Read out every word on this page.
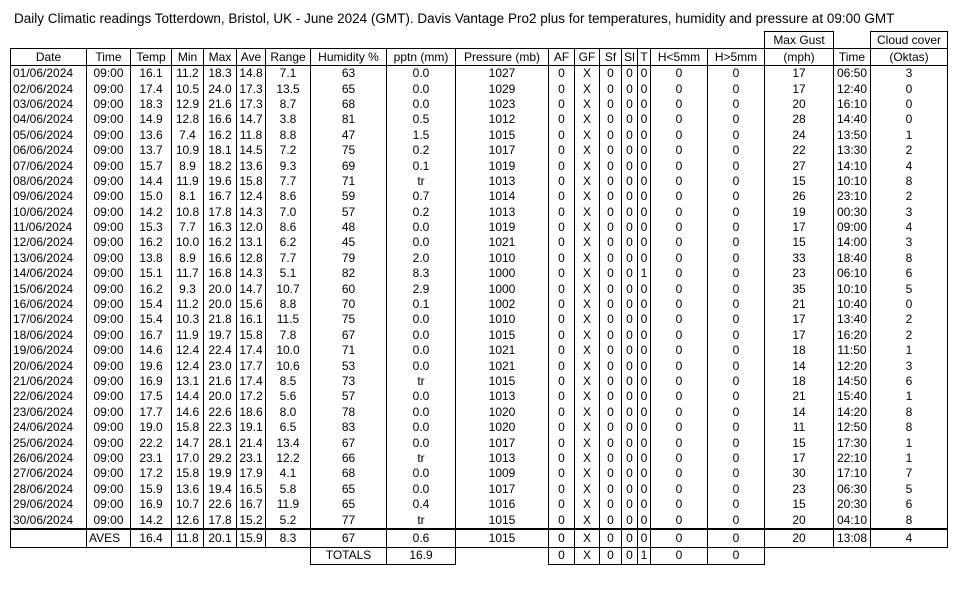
Daily Climatic readings Totterdown, Bristol, UK - June 2024 (GMT). Davis Vantage Pro2 plus for temperatures, humidity and pressure at 09:00 GMT
																	Max Gust		Cloud cover
Date	Time	Temp	Min	Max	Ave	Range	Humidity %	pptn (mm)	Pressure (mb)	AF	GF	Sf	Sl	T	H<5mm	H>5mm	(mph)	Time	(Oktas)
01/06/2024	09:00	16.1	11.2	18.3	14.8	7.1	63	0.0	1027	0	X	0	0	0	0	0	17	06:50	3
02/06/2024	09:00	17.4	10.5	24.0	17.3	13.5	65	0.0	1029	0	X	0	0	0	0	0	17	12:40	0
03/06/2024	09:00	18.3	12.9	21.6	17.3	8.7	68	0.0	1023	0	X	0	0	0	0	0	20	16:10	0
04/06/2024	09:00	14.9	12.8	16.6	14.7	3.8	81	0.5	1012	0	X	0	0	0	0	0	28	14:40	0
05/06/2024	09:00	13.6	7.4	16.2	11.8	8.8	47	1.5	1015	0	X	0	0	0	0	0	24	13:50	1
06/06/2024	09:00	13.7	10.9	18.1	14.5	7.2	75	0.2	1017	0	X	0	0	0	0	0	22	13:30	2
07/06/2024	09:00	15.7	8.9	18.2	13.6	9.3	69	0.1	1019	0	X	0	0	0	0	0	27	14:10	4
08/06/2024	09:00	14.4	11.9	19.6	15.8	7.7	71	tr	1013	0	X	0	0	0	0	0	15	10:10	8
09/06/2024	09:00	15.0	8.1	16.7	12.4	8.6	59	0.7	1014	0	X	0	0	0	0	0	26	23:10	2
10/06/2024	09:00	14.2	10.8	17.8	14.3	7.0	57	0.2	1013	0	X	0	0	0	0	0	19	00:30	3
11/06/2024	09:00	15.3	7.7	16.3	12.0	8.6	48	0.0	1019	0	X	0	0	0	0	0	17	09:00	4
12/06/2024	09:00	16.2	10.0	16.2	13.1	6.2	45	0.0	1021	0	X	0	0	0	0	0	15	14:00	3
13/06/2024	09:00	13.8	8.9	16.6	12.8	7.7	79	2.0	1010	0	X	0	0	0	0	0	33	18:40	8
14/06/2024	09:00	15.1	11.7	16.8	14.3	5.1	82	8.3	1000	0	X	0	0	1	0	0	23	06:10	6
15/06/2024	09:00	16.2	9.3	20.0	14.7	10.7	60	2.9	1000	0	X	0	0	0	0	0	35	10:10	5
16/06/2024	09:00	15.4	11.2	20.0	15.6	8.8	70	0.1	1002	0	X	0	0	0	0	0	21	10:40	0
17/06/2024	09:00	15.4	10.3	21.8	16.1	11.5	75	0.0	1010	0	X	0	0	0	0	0	17	13:40	2
18/06/2024	09:00	16.7	11.9	19.7	15.8	7.8	67	0.0	1015	0	X	0	0	0	0	0	17	16:20	2
19/06/2024	09:00	14.6	12.4	22.4	17.4	10.0	71	0.0	1021	0	X	0	0	0	0	0	18	11:50	1
20/06/2024	09:00	19.6	12.4	23.0	17.7	10.6	53	0.0	1021	0	X	0	0	0	0	0	14	12:20	3
21/06/2024	09:00	16.9	13.1	21.6	17.4	8.5	73	tr	1015	0	X	0	0	0	0	0	18	14:50	6
22/06/2024	09:00	17.5	14.4	20.0	17.2	5.6	57	0.0	1013	0	X	0	0	0	0	0	21	15:40	1
23/06/2024	09:00	17.7	14.6	22.6	18.6	8.0	78	0.0	1020	0	X	0	0	0	0	0	14	14:20	8
24/06/2024	09:00	19.0	15.8	22.3	19.1	6.5	83	0.0	1020	0	X	0	0	0	0	0	11	12:50	8
25/06/2024	09:00	22.2	14.7	28.1	21.4	13.4	67	0.0	1017	0	X	0	0	0	0	0	15	17:30	1
26/06/2024	09:00	23.1	17.0	29.2	23.1	12.2	66	tr	1013	0	X	0	0	0	0	0	17	22:10	1
27/06/2024	09:00	17.2	15.8	19.9	17.9	4.1	68	0.0	1009	0	X	0	0	0	0	0	30	17:10	7
28/06/2024	09:00	15.9	13.6	19.4	16.5	5.8	65	0.0	1017	0	X	0	0	0	0	0	23	06:30	5
29/06/2024	09:00	16.9	10.7	22.6	16.7	11.9	65	0.4	1016	0	X	0	0	0	0	0	15	20:30	6
30/06/2024	09:00	14.2	12.6	17.8	15.2	5.2	77	tr	1015	0	X	0	0	0	0	0	20	04:10	8
	AVES	16.4	11.8	20.1	15.9	8.3	67	0.6	1015	0	X	0	0	0	0	0	20	13:08	4
							TOTALS	16.9		0	X	0	0	1	0	0			
